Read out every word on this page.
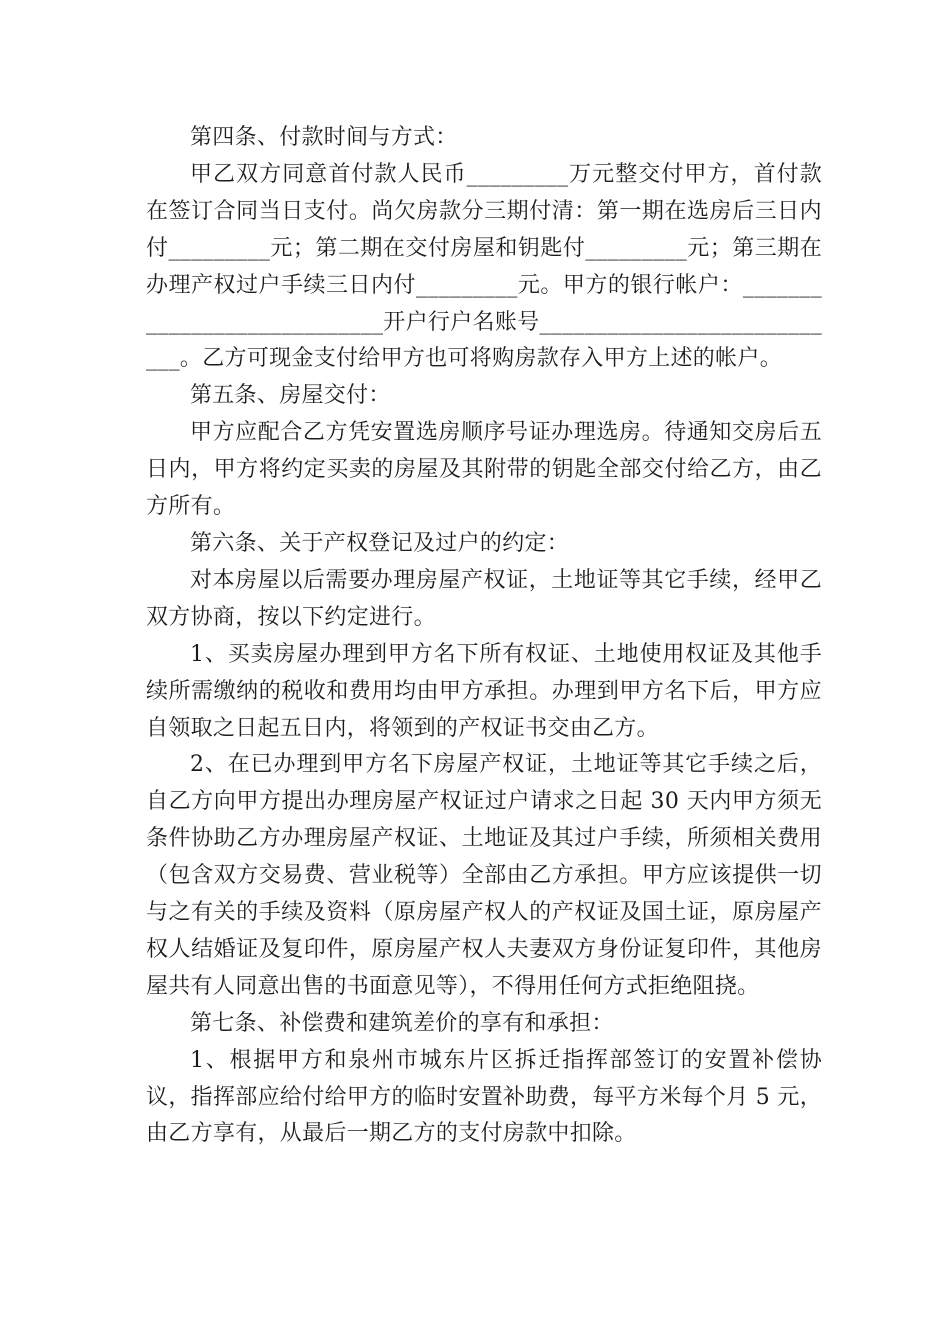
第四条、付款时间与方式：

甲乙双方同意首付款人民币_________万元整交付甲方，首付款在签订合同当日支付。尚欠房款分三期付清：第一期在选房后三日内付_________元；第二期在交付房屋和钥匙付_________元；第三期在办理产权过户手续三日内付_________元。甲方的银行帐户：____________________________开户行户名账号____________________________。乙方可现金支付给甲方也可将购房款存入甲方上述的帐户。

第五条、房屋交付：

甲方应配合乙方凭安置选房顺序号证办理选房。待通知交房后五日内，甲方将约定买卖的房屋及其附带的钥匙全部交付给乙方，由乙方所有。

第六条、关于产权登记及过户的约定：

对本房屋以后需要办理房屋产权证，土地证等其它手续，经甲乙双方协商，按以下约定进行。

1、买卖房屋办理到甲方名下所有权证、土地使用权证及其他手续所需缴纳的税收和费用均由甲方承担。办理到甲方名下后，甲方应自领取之日起五日内，将领到的产权证书交由乙方。

2、在已办理到甲方名下房屋产权证，土地证等其它手续之后，自乙方向甲方提出办理房屋产权证过户请求之日起 30 天内甲方须无条件协助乙方办理房屋产权证、土地证及其过户手续，所须相关费用（包含双方交易费、营业税等）全部由乙方承担。甲方应该提供一切与之有关的手续及资料（原房屋产权人的产权证及国土证，原房屋产权人结婚证及复印件，原房屋产权人夫妻双方身份证复印件，其他房屋共有人同意出售的书面意见等），不得用任何方式拒绝阻挠。

第七条、补偿费和建筑差价的享有和承担：

1、根据甲方和泉州市城东片区拆迁指挥部签订的安置补偿协议，指挥部应给付给甲方的临时安置补助费，每平方米每个月 5 元，由乙方享有，从最后一期乙方的支付房款中扣除。
